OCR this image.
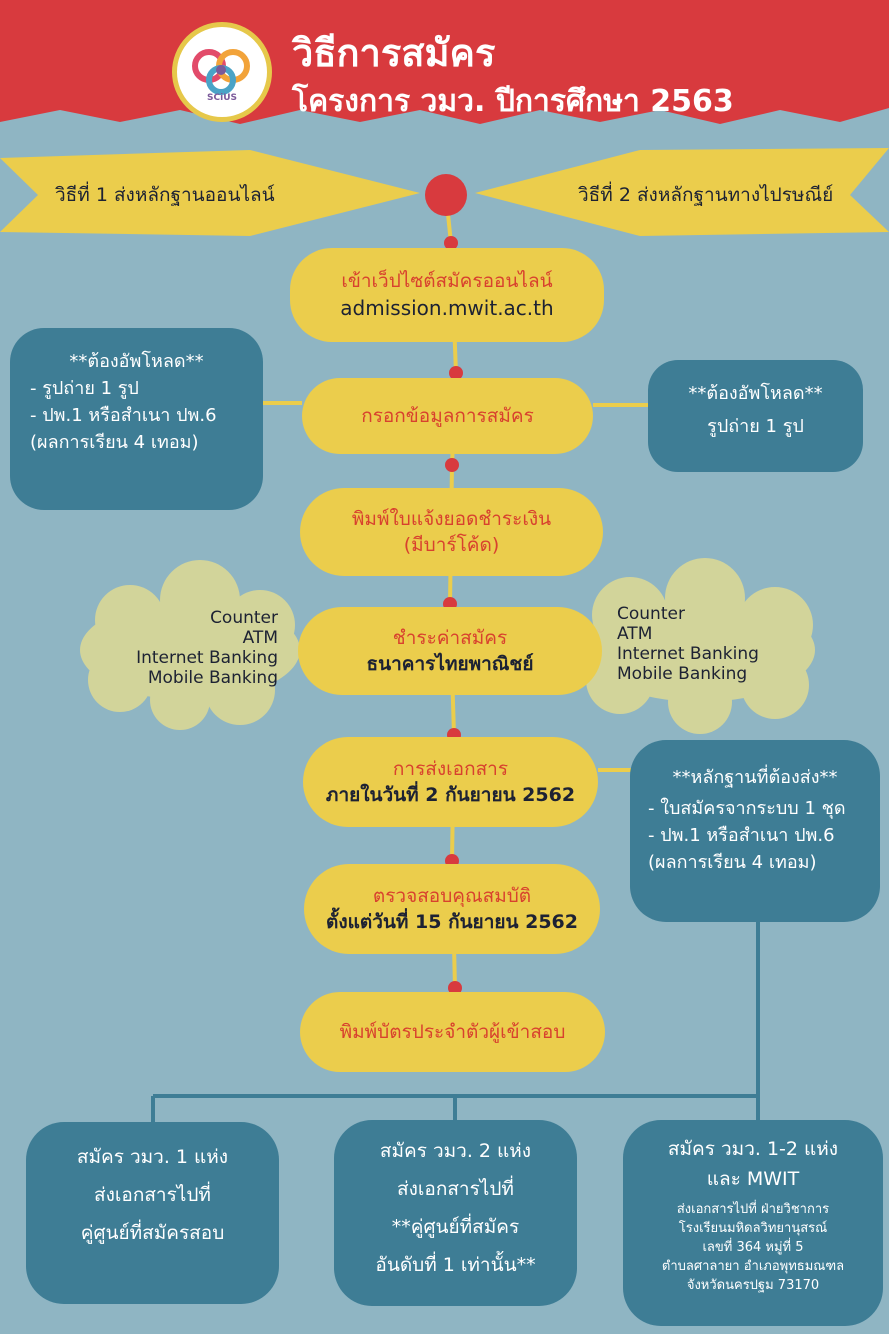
SCiUS
วิธีการสมัคร
โครงการ วมว. ปีการศึกษา 2563
วิธีที่ 1 ส่งหลักฐานออนไลน์	วิธีที่ 2 ส่งหลักฐานทางไปรษณีย์
เข้าเว็ปไซต์สมัครออนไลน์
admission.mwit.ac.th
กรอกข้อมูลการสมัคร
พิมพ์ใบแจ้งยอดชำระเงิน
(มีบาร์โค้ด)
ชำระค่าสมัคร
ธนาคารไทยพาณิชย์
การส่งเอกสาร
ภายในวันที่ 2 กันยายน 2562
ตรวจสอบคุณสมบัติ
ตั้งแต่วันที่ 15 กันยายน 2562
พิมพ์บัตรประจำตัวผู้เข้าสอบ
**ต้องอัพโหลด**
- รูปถ่าย 1 รูป
- ปพ.1 หรือสำเนา ปพ.6
(ผลการเรียน 4 เทอม)
**ต้องอัพโหลด**
รูปถ่าย 1 รูป
Counter
ATM
Internet Banking
Mobile Banking
Counter
ATM
Internet Banking
Mobile Banking
**หลักฐานที่ต้องส่ง**
- ใบสมัครจากระบบ 1 ชุด
- ปพ.1 หรือสำเนา ปพ.6
(ผลการเรียน 4 เทอม)
สมัคร วมว. 1 แห่ง
ส่งเอกสารไปที่
คู่ศูนย์ที่สมัครสอบ
สมัคร วมว. 2 แห่ง
ส่งเอกสารไปที่
**คู่ศูนย์ที่สมัคร
อันดับที่ 1 เท่านั้น**
สมัคร วมว. 1-2 แห่ง
และ MWIT
ส่งเอกสารไปที่ ฝ่ายวิชาการ
โรงเรียนมหิดลวิทยานุสรณ์
เลขที่ 364 หมู่ที่ 5
ตำบลศาลายา อำเภอพุทธมณฑล
จังหวัดนครปฐม 73170
